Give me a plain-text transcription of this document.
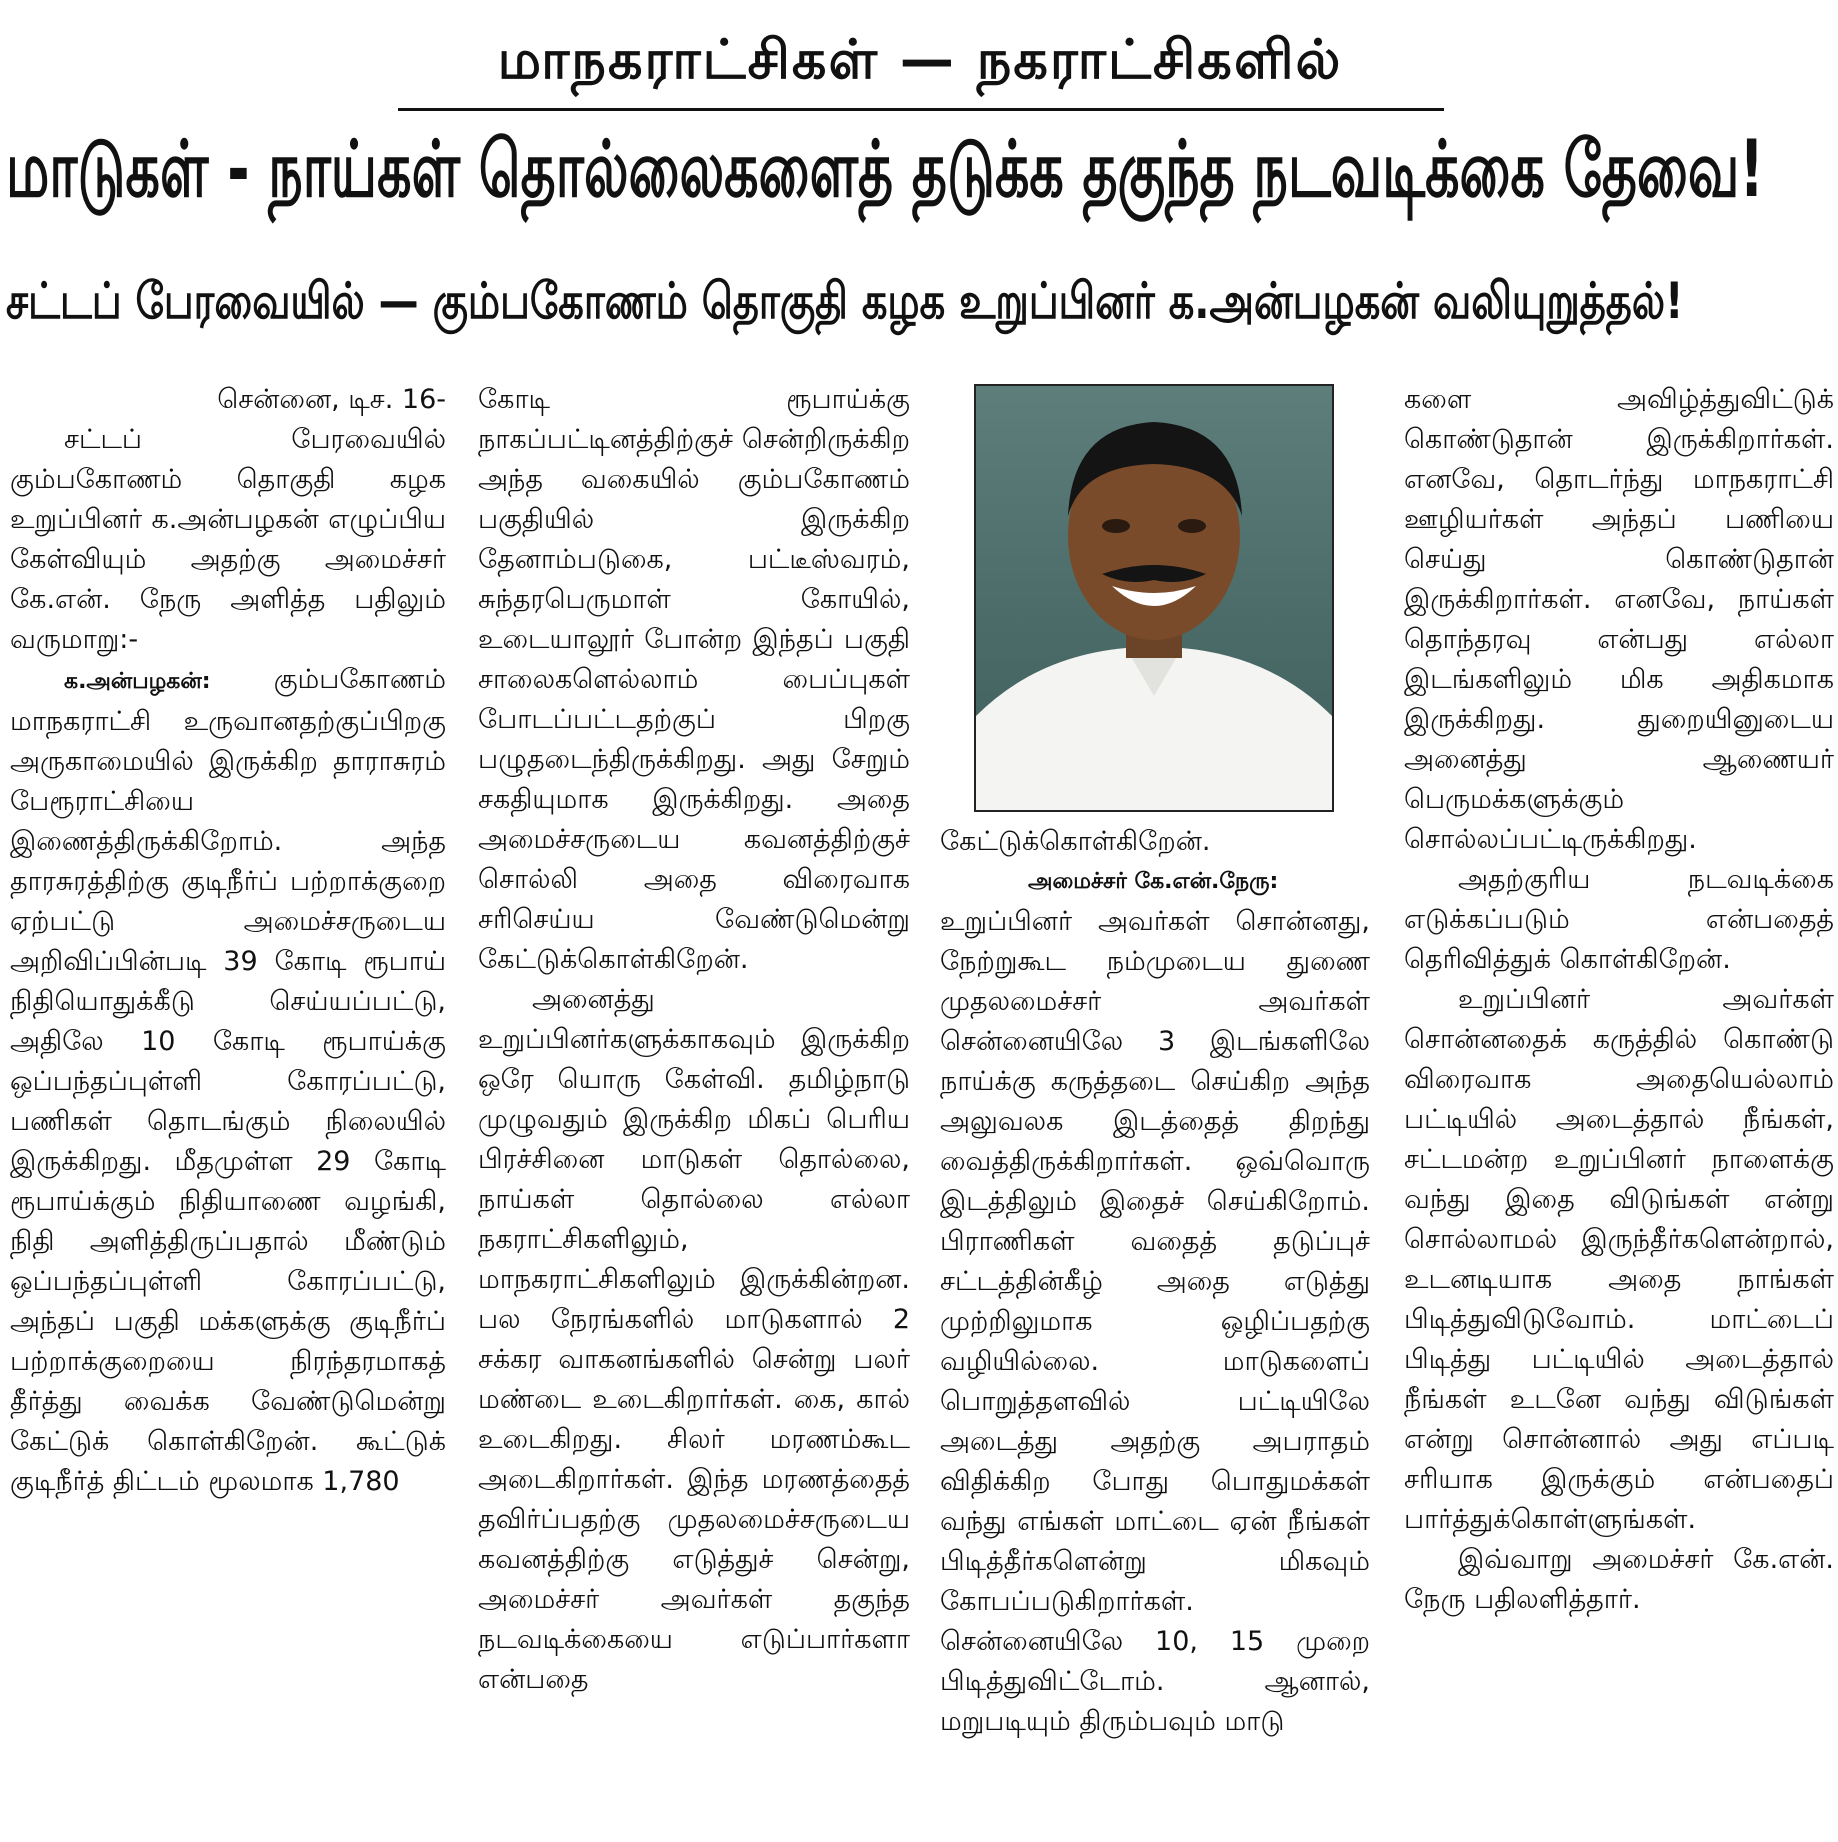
மாநகராட்சிகள் — நகராட்சிகளில்
மாடுகள் - நாய்கள் தொல்லைகளைத் தடுக்க தகுந்த நடவடிக்கை தேவை!
சட்டப் பேரவையில் — கும்பகோணம் தொகுதி கழக உறுப்பினர் க.அன்பழகன் வலியுறுத்தல்!

சென்னை, டிச. 16-

சட்டப் பேரவையில் கும்பகோணம் தொகுதி கழக உறுப்பினர் க.அன்பழகன் எழுப்பிய கேள்வியும் அதற்கு அமைச்சர் கே.என். நேரு அளித்த பதிலும் வருமாறு:-

க.அன்பழகன்: கும்பகோணம் மாநகராட்சி உருவானதற்குப்பிறகு அருகாமையில் இருக்கிற தாராசுரம் பேரூராட்சியை இணைத்திருக்கிறோம். அந்த தாரசுரத்திற்கு குடிநீர்ப் பற்றாக்குறை ஏற்பட்டு அமைச்சருடைய அறிவிப்பின்படி 39 கோடி ரூபாய் நிதியொதுக்கீடு செய்யப்பட்டு, அதிலே 10 கோடி ரூபாய்க்கு ஒப்பந்தப்புள்ளி கோரப்பட்டு, பணிகள் தொடங்கும் நிலையில் இருக்கிறது. மீதமுள்ள 29 கோடி ரூபாய்க்கும் நிதியாணை வழங்கி, நிதி அளித்திருப்பதால் மீண்டும் ஒப்பந்தப்புள்ளி கோரப்பட்டு, அந்தப் பகுதி மக்களுக்கு குடிநீர்ப் பற்றாக்குறையை நிரந்தரமாகத் தீர்த்து வைக்க வேண்டுமென்று கேட்டுக் கொள்கிறேன். கூட்டுக் குடிநீர்த் திட்டம் மூலமாக 1,780

கோடி ரூபாய்க்கு நாகப்பட்டினத்திற்குச் சென்றிருக்கிற அந்த வகையில் கும்பகோணம் பகுதியில் இருக்கிற தேனாம்படுகை, பட்டீஸ்வரம், சுந்தரபெருமாள் கோயில், உடையாலூர் போன்ற இந்தப் பகுதி சாலைகளெல்லாம் பைப்புகள் போடப்பட்டதற்குப் பிறகு பழுதடைந்திருக்கிறது. அது சேறும் சகதியுமாக இருக்கிறது. அதை அமைச்சருடைய கவனத்திற்குச் சொல்லி அதை விரைவாக சரிசெய்ய வேண்டுமென்று கேட்டுக்கொள்கிறேன்.

அனைத்து உறுப்பினர்களுக்காகவும் இருக்கிற ஒரே யொரு கேள்வி. தமிழ்நாடு முழுவதும் இருக்கிற மிகப் பெரிய பிரச்சினை மாடுகள் தொல்லை, நாய்கள் தொல்லை எல்லா நகராட்சிகளிலும், மாநகராட்சிகளிலும் இருக்கின்றன. பல நேரங்களில் மாடுகளால் 2 சக்கர வாகனங்களில் சென்று பலர் மண்டை உடைகிறார்கள். கை, கால் உடைகிறது. சிலர் மரணம்கூட அடைகிறார்கள். இந்த மரணத்தைத் தவிர்ப்பதற்கு முதலமைச்சருடைய கவனத்திற்கு எடுத்துச் சென்று, அமைச்சர் அவர்கள் தகுந்த நடவடிக்கையை எடுப்பார்களா என்பதை

கேட்டுக்கொள்கிறேன்.

அமைச்சர் கே.என்.நேரு:

உறுப்பினர் அவர்கள் சொன்னது, நேற்றுகூட நம்முடைய துணை முதலமைச்சர் அவர்கள் சென்னையிலே 3 இடங்களிலே நாய்க்கு கருத்தடை செய்கிற அந்த அலுவலக இடத்தைத் திறந்து வைத்திருக்கிறார்கள். ஒவ்வொரு இடத்திலும் இதைச் செய்கிறோம். பிராணிகள் வதைத் தடுப்புச் சட்டத்தின்கீழ் அதை எடுத்து முற்றிலுமாக ஒழிப்பதற்கு வழியில்லை. மாடுகளைப் பொறுத்தளவில் பட்டியிலே அடைத்து அதற்கு அபராதம் விதிக்கிற போது பொதுமக்கள் வந்து எங்கள் மாட்டை ஏன் நீங்கள் பிடித்தீர்களென்று மிகவும் கோபப்படுகிறார்கள். சென்னையிலே 10, 15 முறை பிடித்துவிட்டோம். ஆனால், மறுபடியும் திரும்பவும் மாடு

களை அவிழ்த்துவிட்டுக் கொண்டுதான் இருக்கிறார்கள். எனவே, தொடர்ந்து மாநகராட்சி ஊழியர்கள் அந்தப் பணியை செய்து கொண்டுதான் இருக்கிறார்கள். எனவே, நாய்கள் தொந்தரவு என்பது எல்லா இடங்களிலும் மிக அதிகமாக இருக்கிறது. துறையினுடைய அனைத்து ஆணையர் பெருமக்களுக்கும் சொல்லப்பட்டிருக்கிறது.

அதற்குரிய நடவடிக்கை எடுக்கப்படும் என்பதைத் தெரிவித்துக் கொள்கிறேன்.

உறுப்பினர் அவர்கள் சொன்னதைக் கருத்தில் கொண்டு விரைவாக அதையெல்லாம் பட்டியில் அடைத்தால் நீங்கள், சட்டமன்ற உறுப்பினர் நாளைக்கு வந்து இதை விடுங்கள் என்று சொல்லாமல் இருந்தீர்களென்றால், உடனடியாக அதை நாங்கள் பிடித்துவிடுவோம். மாட்டைப் பிடித்து பட்டியில் அடைத்தால் நீங்கள் உடனே வந்து விடுங்கள் என்று சொன்னால் அது எப்படி சரியாக இருக்கும் என்பதைப் பார்த்துக்கொள்ளுங்கள்.

இவ்வாறு அமைச்சர் கே.என். நேரு பதிலளித்தார்.
